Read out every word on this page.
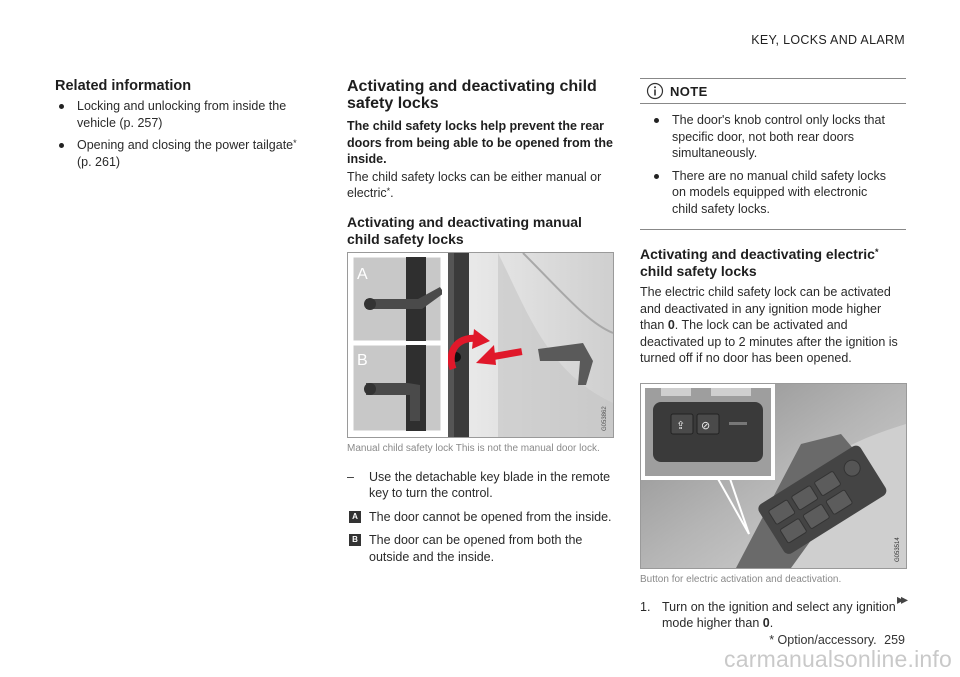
KEY, LOCKS AND ALARM
Related information
Locking and unlocking from inside the vehicle (p. 257)
Opening and closing the power tailgate*
(p. 261)
Activating and deactivating child
safety locks

The child safety locks help prevent the rear doors from being able to be opened from the inside.

The child safety locks can be either manual or electric*.

Activating and deactivating manual child safety locks
A
B
G053862
Manual child safety lock This is not the manual door lock.
– Use the detachable key blade in the remote key to turn the control.
A The door cannot be opened from the inside.
B The door can be opened from both the outside and the inside.
NOTE
The door's knob control only locks that specific door, not both rear doors simultaneously.
There are no manual child safety locks on models equipped with electronic child safety locks.
Activating and deactivating electric*
child safety locks

The electric child safety lock can be activated and deactivated in any ignition mode higher than 0. The lock can be activated and deactivated up to 2 minutes after the ignition is turned off if no door has been opened.

⇪ ⊘
G053514
Button for electric activation and deactivation.
1. Turn on the ignition and select any ignition mode higher than 0.
▸▸
* Option/accessory. 259
carmanualsonline.info
